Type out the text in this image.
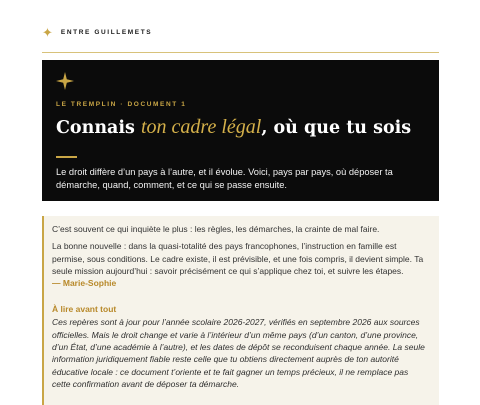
✦ ENTRE GUILLEMETS
LE TREMPLIN · DOCUMENT 1
Connais ton cadre légal, où que tu sois

Le droit diffère d’un pays à l’autre, et il évolue. Voici, pays par pays, où déposer ta démarche, quand, comment, et ce qui se passe ensuite.

C’est souvent ce qui inquiète le plus : les règles, les démarches, la crainte de mal faire.

La bonne nouvelle : dans la quasi-totalité des pays francophones, l’instruction en famille est permise, sous conditions. Le cadre existe, il est prévisible, et une fois compris, il devient simple. Ta seule mission aujourd’hui : savoir précisément ce qui s’applique chez toi, et suivre les étapes.

— Marie-Sophie
À lire avant tout

Ces repères sont à jour pour l’année scolaire 2026-2027, vérifiés en septembre 2026 aux sources officielles. Mais le droit change et varie à l’intérieur d’un même pays (d’un canton, d’une province, d’un État, d’une académie à l’autre), et les dates de dépôt se reconduisent chaque année. La seule information juridiquement fiable reste celle que tu obtiens directement auprès de ton autorité éducative locale : ce document t’oriente et te fait gagner un temps précieux, il ne remplace pas cette confirmation avant de déposer ta démarche.
